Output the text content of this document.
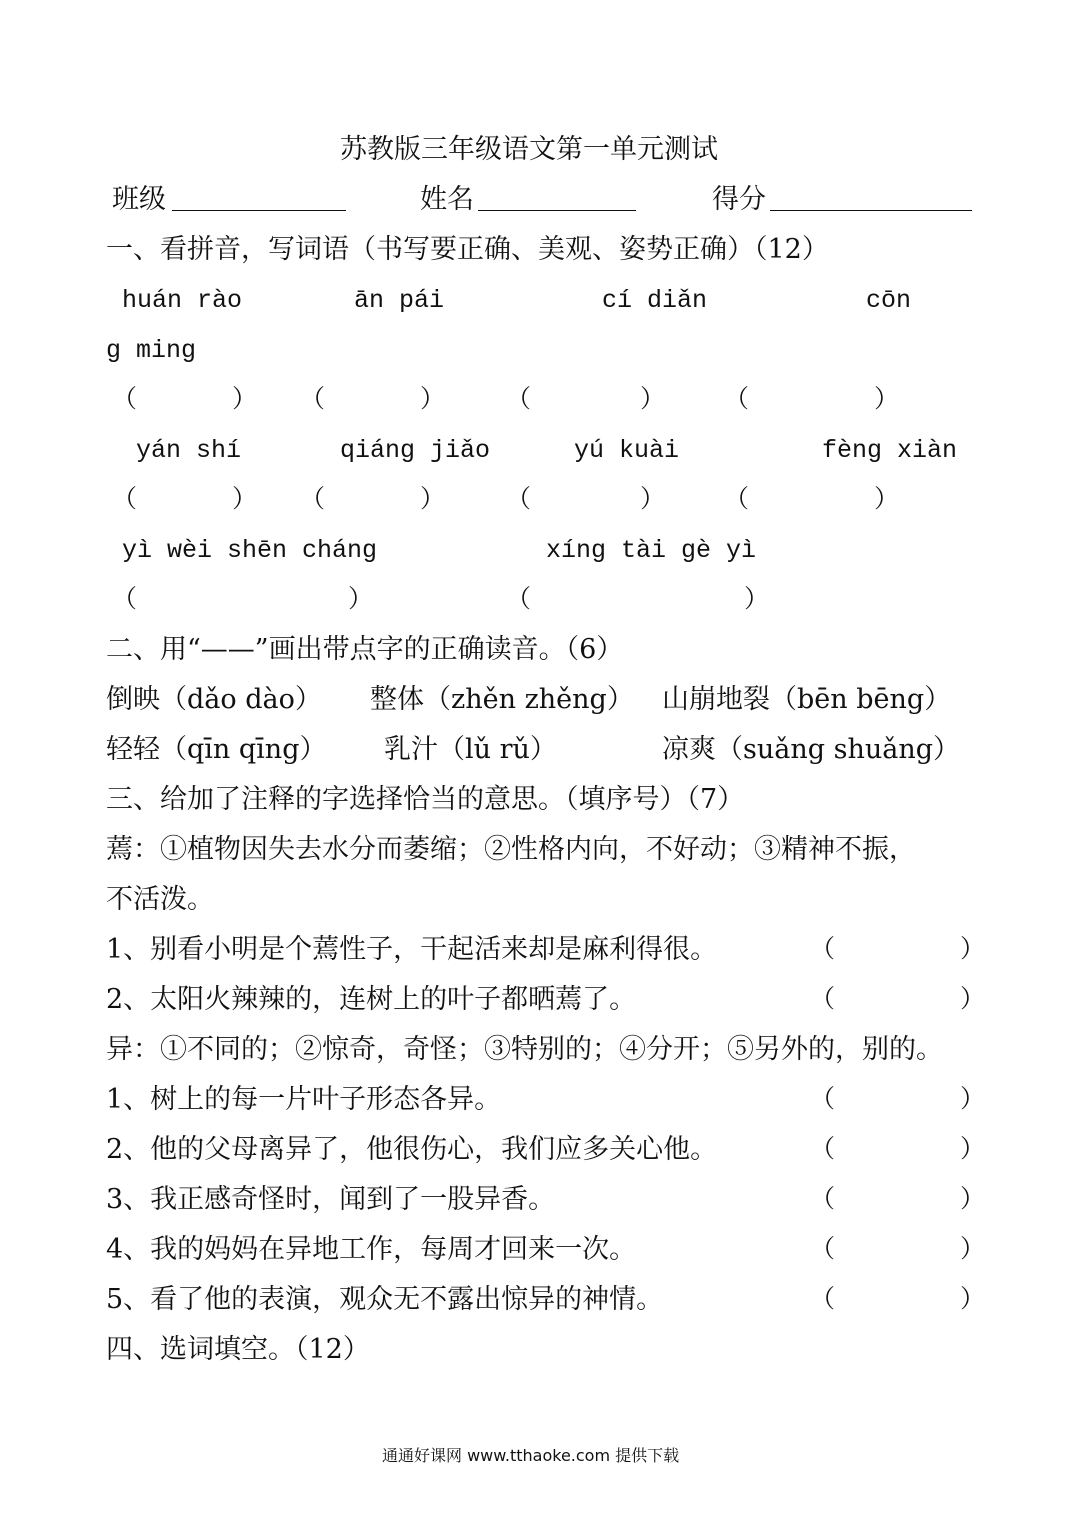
苏教版三年级语文第一单元测试
班级	姓名	得分
一、看拼音，写词语（书写要正确、美观、姿势正确）（12）
huán rào	ān pái	cí diǎn	cōn
g ming
（	） （	） （	） （	）
yán shí	qiáng jiǎo	yú kuài	fèng xiàn
（	） （	） （	） （	）
yì wèi shēn cháng	xíng tài gè yì
（	）	（	）
二、用“——”画出带点字的正确读音。（6）
倒映（dǎo dào） 整体（zhěn zhěng） 山崩地裂（bēn bēng）
轻轻（qīn qīng） 乳汁（lǔ rǔ）	凉爽（suǎng shuǎng）
三、给加了注释的字选择恰当的意思。（填序号）（7）
蔫：①植物因失去水分而萎缩；②性格内向，不好动；③精神不振，
不活泼。
1、别看小明是个蔫性子，干起活来却是麻利得很。	（	）
2、太阳火辣辣的，连树上的叶子都晒蔫了。	（	）
异：①不同的；②惊奇，奇怪；③特别的；④分开；⑤另外的，别的。
1、树上的每一片叶子形态各异。	（	）
2、他的父母离异了，他很伤心，我们应多关心他。	（	）
3、我正感奇怪时，闻到了一股异香。	（	）
4、我的妈妈在异地工作，每周才回来一次。	（	）
5、看了他的表演，观众无不露出惊异的神情。	（	）
四、选词填空。（12）
通通好课网 www.tthaoke.com 提供下载
